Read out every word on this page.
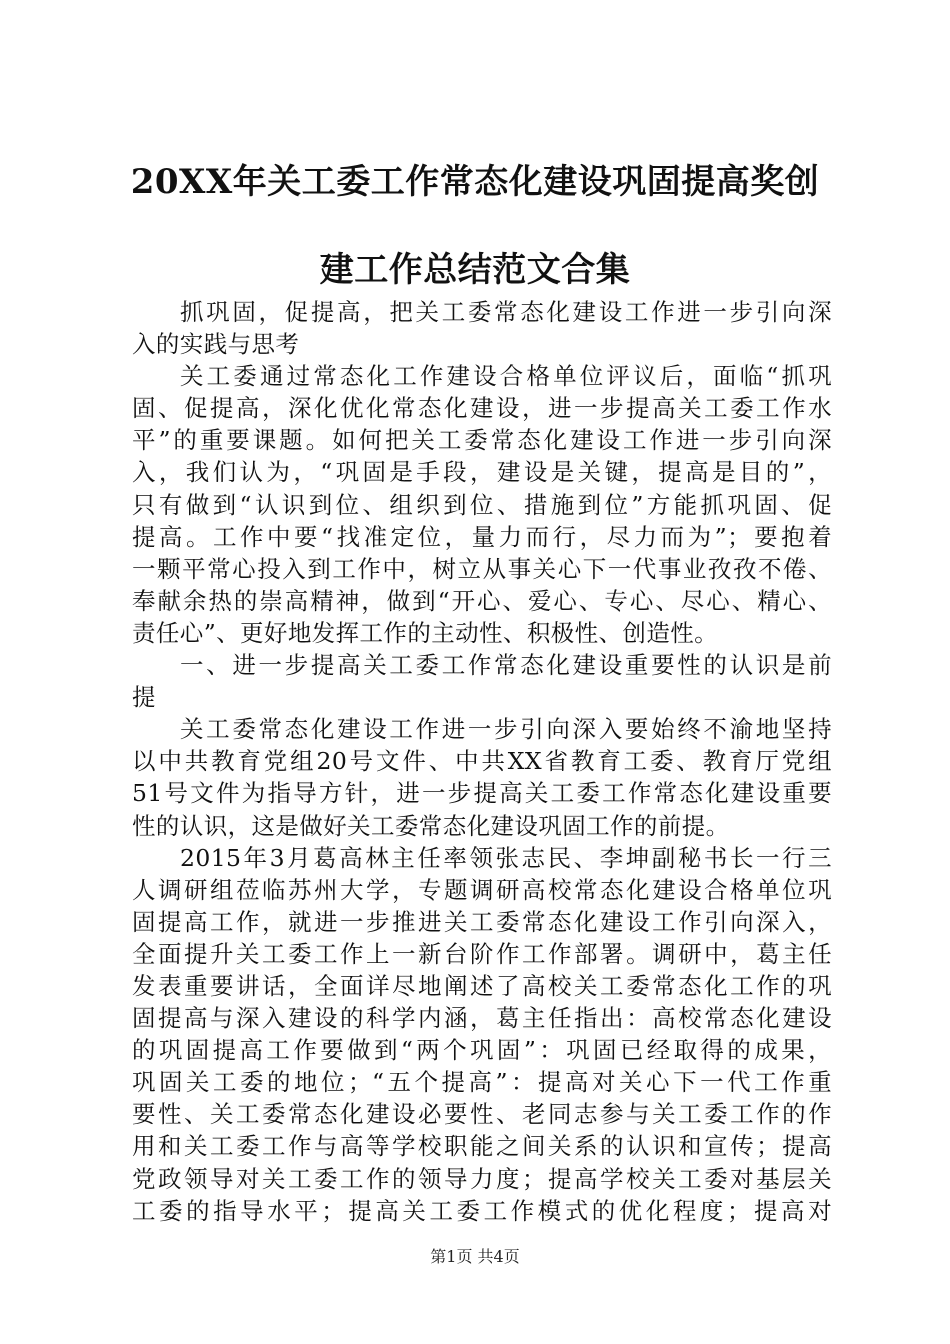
20XX年关工委工作常态化建设巩固提高奖创
建工作总结范文合集
抓巩固，促提高，把关工委常态化建设工作进一步引向深
入的实践与思考
关工委通过常态化工作建设合格单位评议后，面临“抓巩
固、促提高，深化优化常态化建设，进一步提高关工委工作水
平”的重要课题。如何把关工委常态化建设工作进一步引向深
入，我们认为，“巩固是手段，建设是关键，提高是目的”，
只有做到“认识到位、组织到位、措施到位”方能抓巩固、促
提高。工作中要“找准定位，量力而行，尽力而为”；要抱着
一颗平常心投入到工作中，树立从事关心下一代事业孜孜不倦、
奉献余热的崇高精神，做到“开心、爱心、专心、尽心、精心、
责任心”、更好地发挥工作的主动性、积极性、创造性。
一、进一步提高关工委工作常态化建设重要性的认识是前
提
关工委常态化建设工作进一步引向深入要始终不渝地坚持
以中共教育党组20号文件、中共XX省教育工委、教育厅党组
51号文件为指导方针，进一步提高关工委工作常态化建设重要
性的认识，这是做好关工委常态化建设巩固工作的前提。
2015年3月葛高林主任率领张志民、李坤副秘书长一行三
人调研组莅临苏州大学，专题调研高校常态化建设合格单位巩
固提高工作，就进一步推进关工委常态化建设工作引向深入，
全面提升关工委工作上一新台阶作工作部署。调研中，葛主任
发表重要讲话，全面详尽地阐述了高校关工委常态化工作的巩
固提高与深入建设的科学内涵，葛主任指出：高校常态化建设
的巩固提高工作要做到“两个巩固”：巩固已经取得的成果，
巩固关工委的地位；“五个提高”：提高对关心下一代工作重
要性、关工委常态化建设必要性、老同志参与关工委工作的作
用和关工委工作与高等学校职能之间关系的认识和宣传；提高
党政领导对关工委工作的领导力度；提高学校关工委对基层关
工委的指导水平；提高关工委工作模式的优化程度；提高对
第1页 共4页
